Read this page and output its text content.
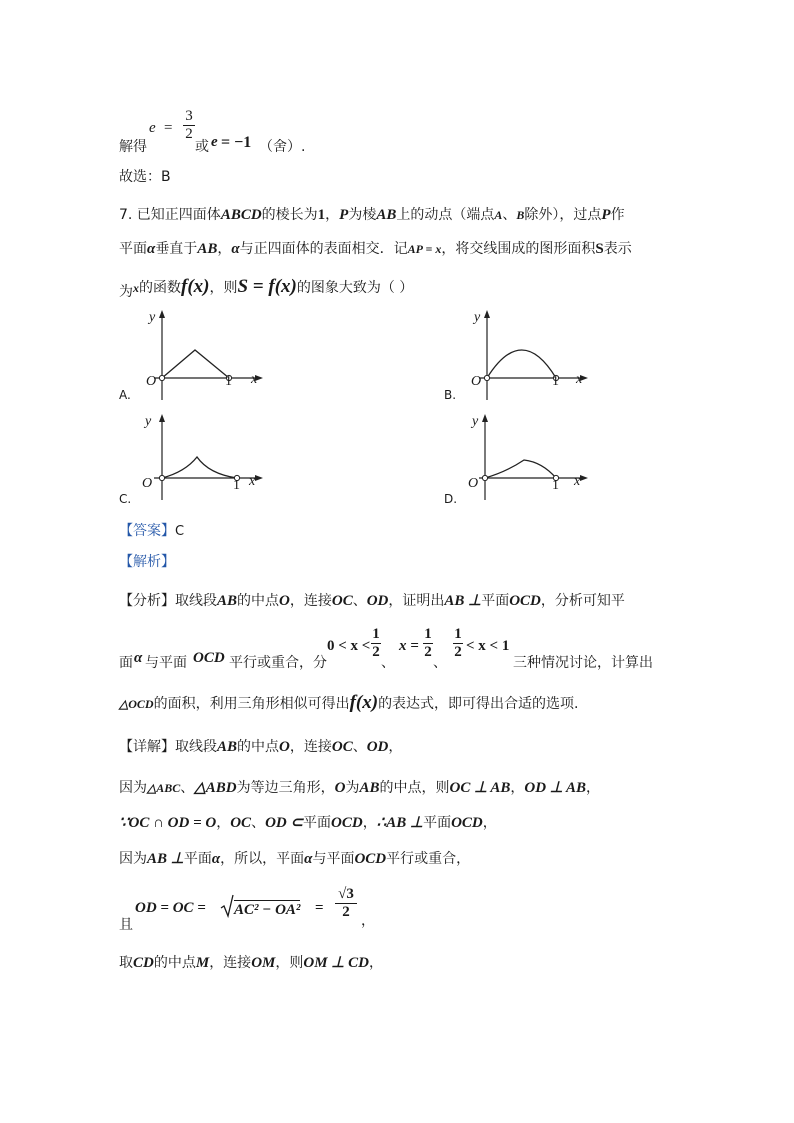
解得
$e = \frac{3}{2}$
或 e = −1 （舍）.
故选：B
7. 已知正四面体ABCD的棱长为1，P为棱AB上的动点（端点A、B除外），过点P作
平面α垂直于AB，α与正四面体的表面相交．记AP = x，将交线围成的图形面积S表示
为x的函数f(x)，则S = f(x)的图象大致为（ ）
y
O	1 x
A.
y
O	1 x
B.
y
O	1 x
C.
y
O	1 x
D.
【答案】C
【解析】
【分析】取线段AB的中点O，连接OC、OD，证明出AB ⊥平面OCD，分析可知平
面 α 与平面 OCD 平行或重合，分
0 < x <
1
2
、
x =
1
2
、
1
2 < x < 1
三种情况讨论，计算出
△OCD的面积，利用三角形相似可得出f(x)的表达式，即可得出合适的选项.
【详解】取线段AB的中点O，连接OC、OD，
因为△ABC、△ABD为等边三角形，O为AB的中点，则OC ⊥ AB，OD ⊥ AB，
∵OC ∩ OD = O，OC、OD ⊂平面OCD，∴AB ⊥平面OCD，
因为AB ⊥平面α，所以，平面α与平面OCD平行或重合，
且
OD = OC = AC² − OA² =
√3
2
，
取CD的中点M，连接OM，则OM ⊥ CD，
